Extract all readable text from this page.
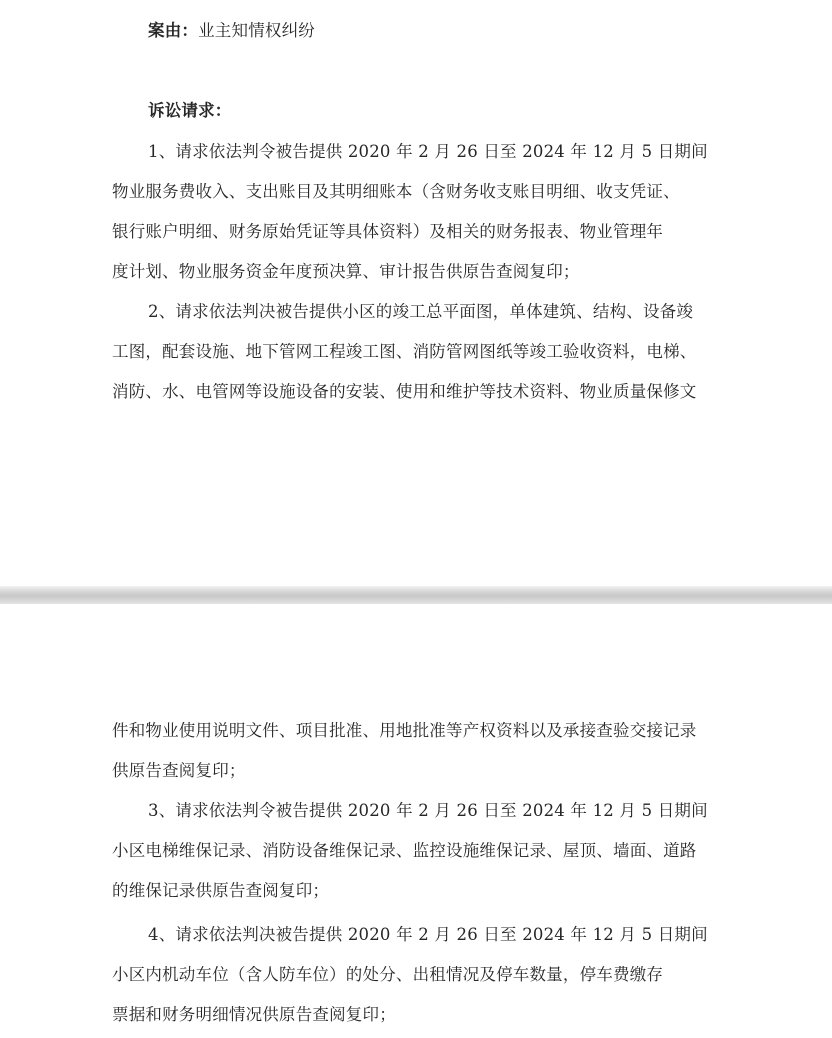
案由：业主知情权纠纷
诉讼请求：
1、请求依法判令被告提供 2020 年 2 月 26 日至 2024 年 12 月 5 日期间
物业服务费收入、支出账目及其明细账本（含财务收支账目明细、收支凭证、
银行账户明细、财务原始凭证等具体资料）及相关的财务报表、物业管理年
度计划、物业服务资金年度预决算、审计报告供原告查阅复印；
2、请求依法判决被告提供小区的竣工总平面图，单体建筑、结构、设备竣
工图，配套设施、地下管网工程竣工图、消防管网图纸等竣工验收资料，电梯、
消防、水、电管网等设施设备的安装、使用和维护等技术资料、物业质量保修文
件和物业使用说明文件、项目批准、用地批准等产权资料以及承接查验交接记录
供原告查阅复印；
3、请求依法判令被告提供 2020 年 2 月 26 日至 2024 年 12 月 5 日期间
小区电梯维保记录、消防设备维保记录、监控设施维保记录、屋顶、墙面、道路
的维保记录供原告查阅复印；
4、请求依法判决被告提供 2020 年 2 月 26 日至 2024 年 12 月 5 日期间
小区内机动车位（含人防车位）的处分、出租情况及停车数量，停车费缴存
票据和财务明细情况供原告查阅复印；
